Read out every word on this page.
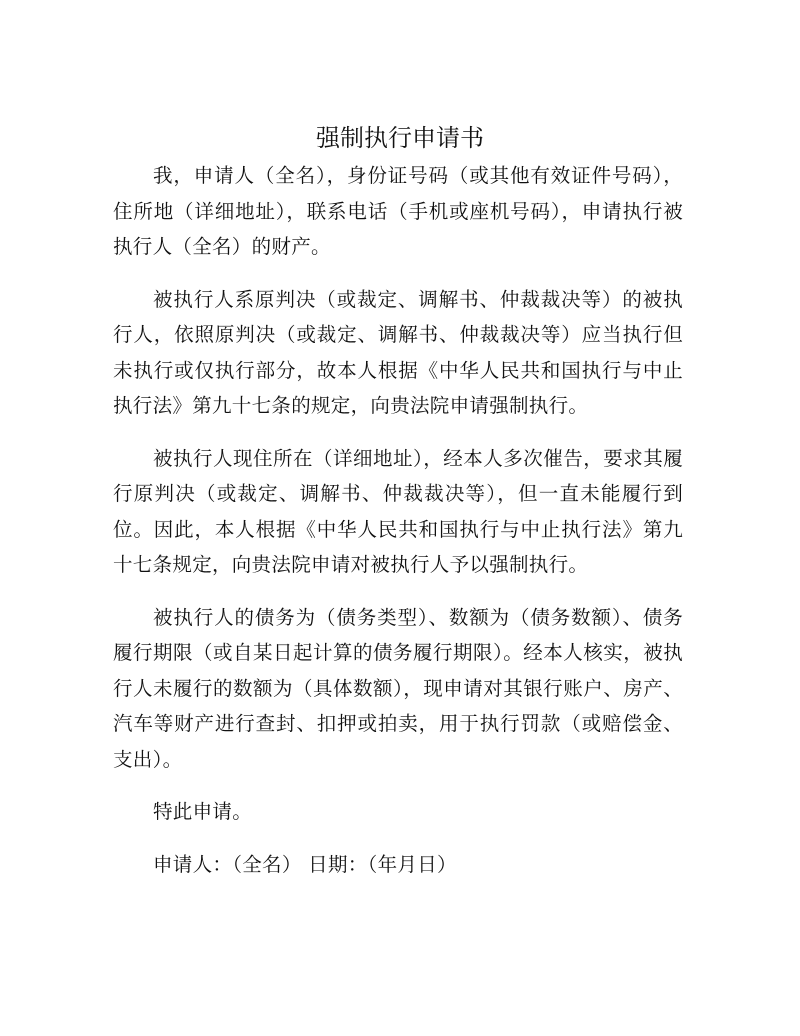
强制执行申请书

我，申请人（全名），身份证号码（或其他有效证件号码），住所地（详细地址），联系电话（手机或座机号码），申请执行被执行人（全名）的财产。

被执行人系原判决（或裁定、调解书、仲裁裁决等）的被执行人，依照原判决（或裁定、调解书、仲裁裁决等）应当执行但未执行或仅执行部分，故本人根据《中华人民共和国执行与中止执行法》第九十七条的规定，向贵法院申请强制执行。

被执行人现住所在（详细地址），经本人多次催告，要求其履行原判决（或裁定、调解书、仲裁裁决等），但一直未能履行到位。因此，本人根据《中华人民共和国执行与中止执行法》第九十七条规定，向贵法院申请对被执行人予以强制执行。

被执行人的债务为（债务类型）、数额为（债务数额）、债务履行期限（或自某日起计算的债务履行期限）。经本人核实，被执行人未履行的数额为（具体数额），现申请对其银行账户、房产、汽车等财产进行查封、扣押或拍卖，用于执行罚款（或赔偿金、支出）。

特此申请。

申请人：（全名） 日期：（年月日）
